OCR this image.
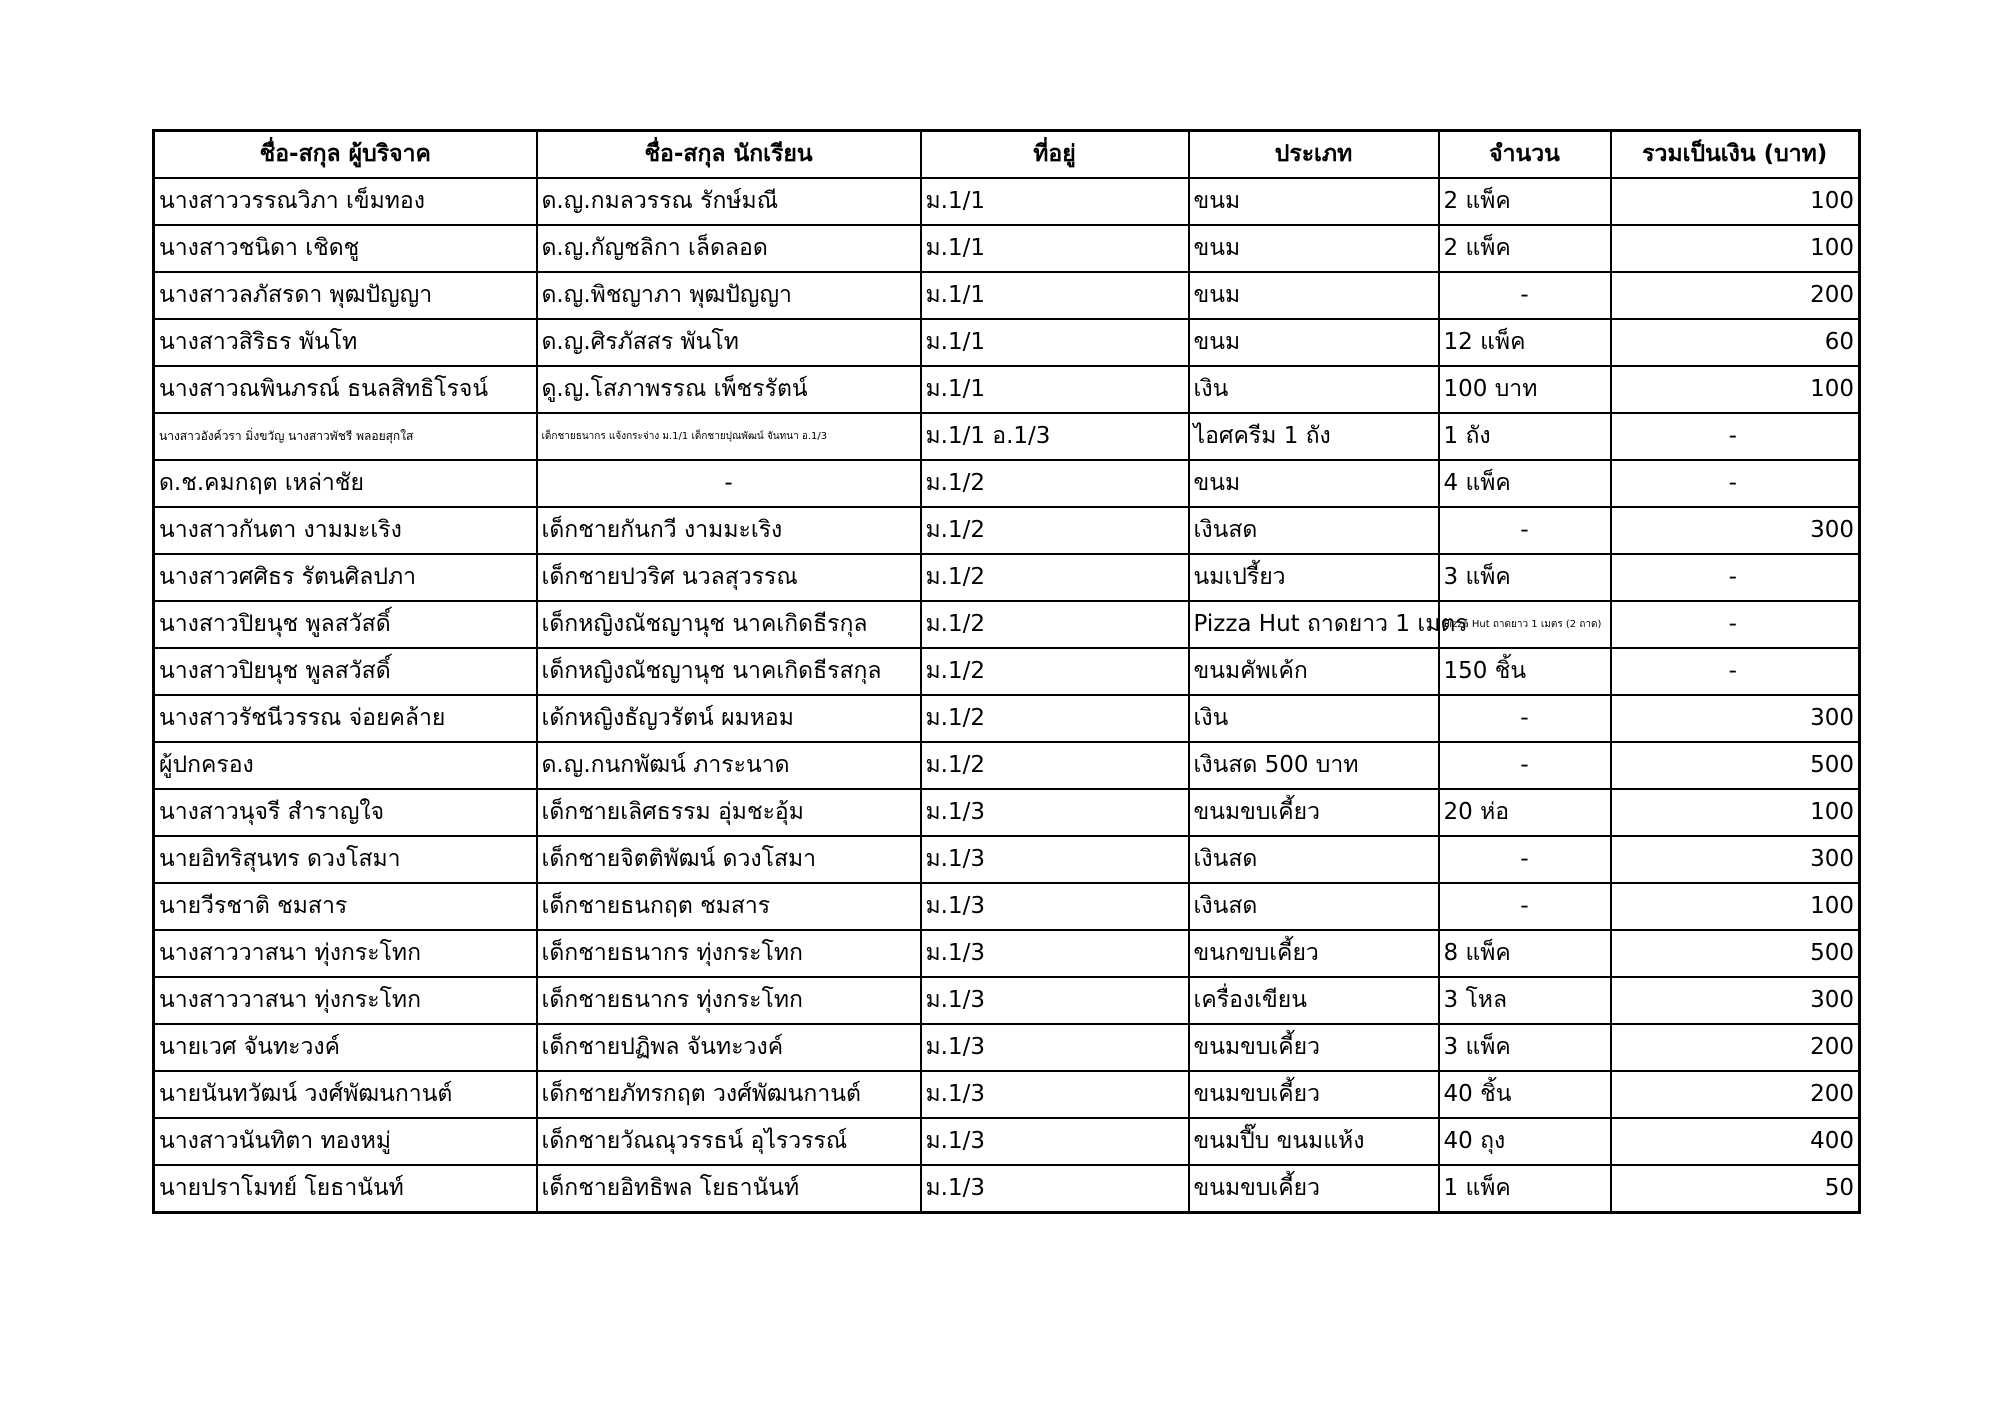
ชื่อ-สกุล ผู้บริจาค	ชื่อ-สกุล นักเรียน	ที่อยู่	ประเภท	จำนวน	รวมเป็นเงิน (บาท)
นางสาววรรณวิภา เข็มทอง	ด.ญ.กมลวรรณ รักษ์มณี	ม.1/1	ขนม	2 แพ็ค	100
นางสาวชนิดา เชิดชู	ด.ญ.กัญชลิกา เล็ดลอด	ม.1/1	ขนม	2 แพ็ค	100
นางสาวลภัสรดา พุฒปัญญา	ด.ญ.พิชญาภา พุฒปัญญา	ม.1/1	ขนม	-	200
นางสาวสิริธร พันโท	ด.ญ.ศิรภัสสร พันโท	ม.1/1	ขนม	12 แพ็ค	60
นางสาวณพินภรณ์ ธนลสิทธิโรจน์	ดู.ญ.โสภาพรรณ เพ็ชรรัตน์	ม.1/1	เงิน	100 บาท	100
นางสาวอังค์วรา มิ่งขวัญ นางสาวพัชรี พลอยสุกใส	เด็กชายธนากร แจ้งกระจ่าง ม.1/1 เด็กชายปุณพัฒน์ จันทนา อ.1/3	ม.1/1 อ.1/3	ไอศครีม 1 ถัง	1 ถัง	-
ด.ช.คมกฤต เหล่าชัย	-	ม.1/2	ขนม	4 แพ็ค	-
นางสาวกันตา งามมะเริง	เด็กชายกันกวี งามมะเริง	ม.1/2	เงินสด	-	300
นางสาวศศิธร รัตนศิลปภา	เด็กชายปวริศ นวลสุวรรณ	ม.1/2	นมเปรี้ยว	3 แพ็ค	-
นางสาวปิยนุช พูลสวัสดิ์	เด็กหญิงณัชญานุช นาคเกิดธีรกุล	ม.1/2	Pizza Hut ถาดยาว 1 เมตร	Pizza Hut ถาดยาว 1 เมตร (2 ถาด)	-
นางสาวปิยนุช พูลสวัสดิ์	เด็กหญิงณัชญานุช นาคเกิดธีรสกุล	ม.1/2	ขนมคัพเค้ก	150 ชิ้น	-
นางสาวรัชนีวรรณ จ่อยคล้าย	เด้กหญิงธัญวรัตน์ ผมหอม	ม.1/2	เงิน	-	300
ผู้ปกครอง	ด.ญ.กนกพัฒน์ ภาระนาด	ม.1/2	เงินสด 500 บาท	-	500
นางสาวนุจรี สำราญใจ	เด็กชายเลิศธรรม อุ่มชะอุ้ม	ม.1/3	ขนมขบเคี้ยว	20 ห่อ	100
นายอิทริสุนทร ดวงโสมา	เด็กชายจิตติพัฒน์ ดวงโสมา	ม.1/3	เงินสด	-	300
นายวีรชาติ ชมสาร	เด็กชายธนกฤต ชมสาร	ม.1/3	เงินสด	-	100
นางสาววาสนา ทุ่งกระโทก	เด็กชายธนากร ทุ่งกระโทก	ม.1/3	ขนกขบเคี้ยว	8 แพ็ค	500
นางสาววาสนา ทุ่งกระโทก	เด็กชายธนากร ทุ่งกระโทก	ม.1/3	เครื่องเขียน	3 โหล	300
นายเวศ จันทะวงค์	เด็กชายปฏิพล จันทะวงค์	ม.1/3	ขนมขบเคี้ยว	3 แพ็ค	200
นายนันทวัฒน์ วงศ์พัฒนกานต์	เด็กชายภัทรกฤต วงศ์พัฒนกานต์	ม.1/3	ขนมขบเคี้ยว	40 ชิ้น	200
นางสาวนันทิตา ทองหมู่	เด็กชายวัณณุวรรธน์ อุไรวรรณ์	ม.1/3	ขนมปี๊บ ขนมแห้ง	40 ถุง	400
นายปราโมทย์ โยธานันท์	เด็กชายอิทธิพล โยธานันท์	ม.1/3	ขนมขบเคี้ยว	1 แพ็ค	50
